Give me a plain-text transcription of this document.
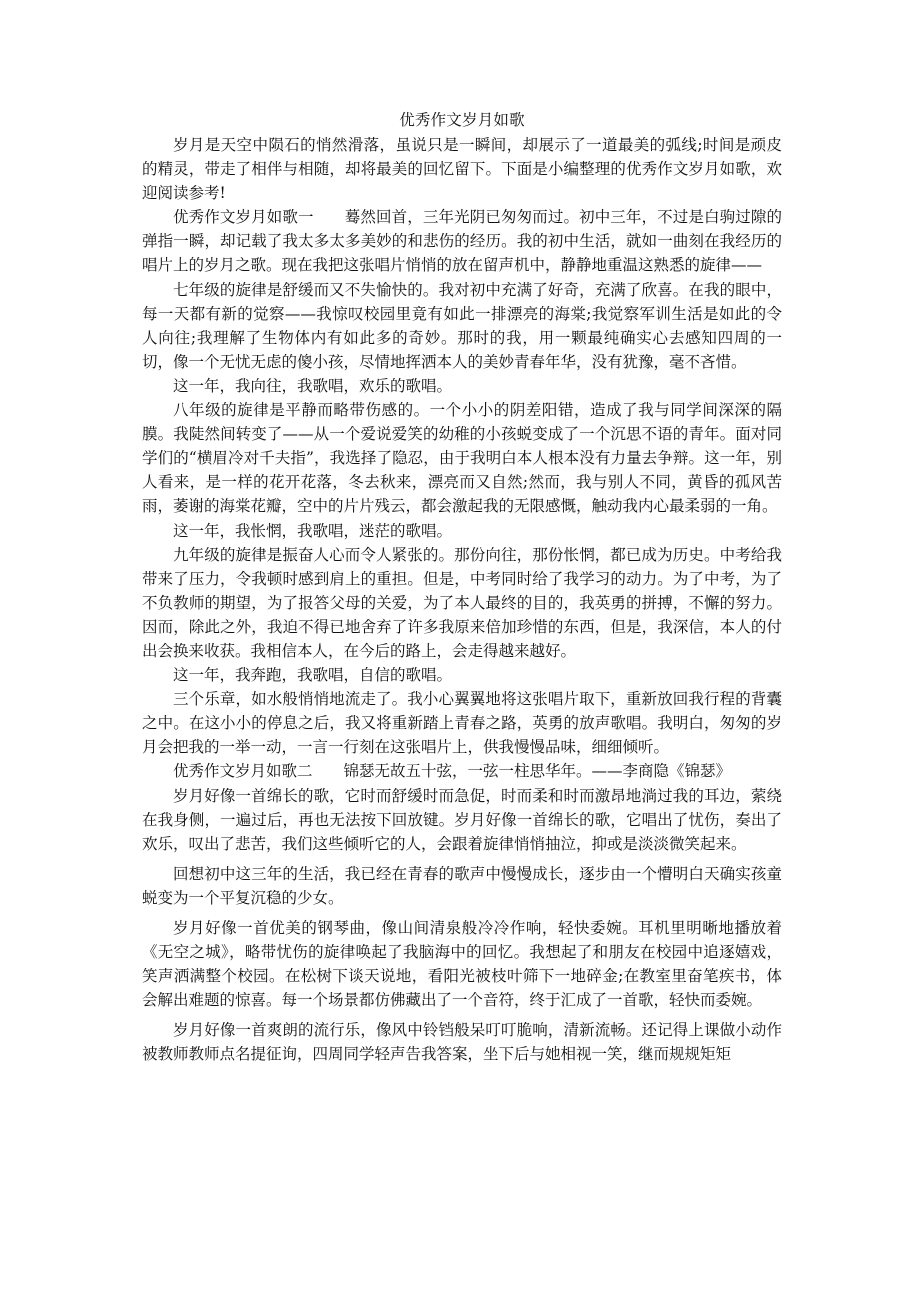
优秀作文岁月如歌

岁月是天空中陨石的悄然滑落，虽说只是一瞬间，却展示了一道最美的弧线;时间是顽皮的精灵，带走了相伴与相随，却将最美的回忆留下。下面是小编整理的优秀作文岁月如歌，欢迎阅读参考!

优秀作文岁月如歌一　　蓦然回首，三年光阴已匆匆而过。初中三年，不过是白驹过隙的弹指一瞬，却记载了我太多太多美妙的和悲伤的经历。我的初中生活，就如一曲刻在我经历的唱片上的岁月之歌。现在我把这张唱片悄悄的放在留声机中，静静地重温这熟悉的旋律——

七年级的旋律是舒缓而又不失愉快的。我对初中充满了好奇，充满了欣喜。在我的眼中，每一天都有新的觉察——我惊叹校园里竟有如此一排漂亮的海棠;我觉察军训生活是如此的令人向往;我理解了生物体内有如此多的奇妙。那时的我，用一颗最纯确实心去感知四周的一切，像一个无忧无虑的傻小孩，尽情地挥洒本人的美妙青春年华，没有犹豫，毫不吝惜。

这一年，我向往，我歌唱，欢乐的歌唱。

八年级的旋律是平静而略带伤感的。一个小小的阴差阳错，造成了我与同学间深深的隔膜。我陡然间转变了——从一个爱说爱笑的幼稚的小孩蜕变成了一个沉思不语的青年。面对同学们的“横眉冷对千夫指”，我选择了隐忍，由于我明白本人根本没有力量去争辩。这一年，别人看来，是一样的花开花落，冬去秋来，漂亮而又自然;然而，我与别人不同，黄昏的孤风苦雨，萎谢的海棠花瓣，空中的片片残云，都会激起我的无限感慨，触动我内心最柔弱的一角。

这一年，我怅惘，我歌唱，迷茫的歌唱。

九年级的旋律是振奋人心而令人紧张的。那份向往，那份怅惘，都已成为历史。中考给我带来了压力，令我顿时感到肩上的重担。但是，中考同时给了我学习的动力。为了中考，为了不负教师的期望，为了报答父母的关爱，为了本人最终的目的，我英勇的拼搏，不懈的努力。因而，除此之外，我迫不得已地舍弃了许多我原来倍加珍惜的东西，但是，我深信，本人的付出会换来收获。我相信本人，在今后的路上，会走得越来越好。

这一年，我奔跑，我歌唱，自信的歌唱。

三个乐章，如水般悄悄地流走了。我小心翼翼地将这张唱片取下，重新放回我行程的背囊之中。在这小小的停息之后，我又将重新踏上青春之路，英勇的放声歌唱。我明白，匆匆的岁月会把我的一举一动，一言一行刻在这张唱片上，供我慢慢品味，细细倾听。

优秀作文岁月如歌二　　锦瑟无故五十弦，一弦一柱思华年。——李商隐《锦瑟》

岁月好像一首绵长的歌，它时而舒缓时而急促，时而柔和时而激昂地淌过我的耳边，萦绕在我身侧，一遍过后，再也无法按下回放键。岁月好像一首绵长的歌，它唱出了忧伤，奏出了欢乐，叹出了悲苦，我们这些倾听它的人，会跟着旋律悄悄抽泣，抑或是淡淡微笑起来。

回想初中这三年的生活，我已经在青春的歌声中慢慢成长，逐步由一个懵明白天确实孩童蜕变为一个平复沉稳的少女。

岁月好像一首优美的钢琴曲，像山间清泉般冷冷作响，轻快委婉。耳机里明晰地播放着《无空之城》，略带忧伤的旋律唤起了我脑海中的回忆。我想起了和朋友在校园中追逐嬉戏，笑声洒满整个校园。在松树下谈天说地，看阳光被枝叶筛下一地碎金;在教室里奋笔疾书，体会解出难题的惊喜。每一个场景都仿佛藏出了一个音符，终于汇成了一首歌，轻快而委婉。

岁月好像一首爽朗的流行乐，像风中铃铛般呆叮叮脆响，清新流畅。还记得上课做小动作被教师教师点名提征询，四周同学轻声告我答案，坐下后与她相视一笑，继而规规矩矩
